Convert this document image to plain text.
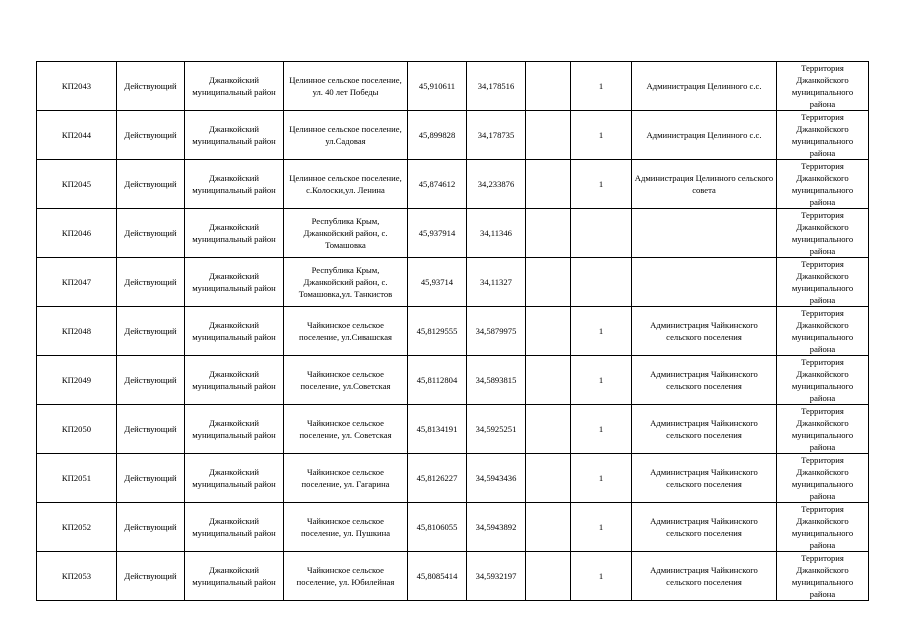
КП2043	Действующий	Джанкойский муниципальный район	Целинное сельское поселение, ул. 40 лет Победы	45,910611	34,178516		1	Администрация Целинного с.с.	Территория Джанкойского муниципального района
КП2044	Действующий	Джанкойский муниципальный район	Целинное сельское поселение, ул.Садовая	45,899828	34,178735		1	Администрация Целинного с.с.	Территория Джанкойского муниципального района
КП2045	Действующий	Джанкойский муниципальный район	Целинное сельское поселение, с.Колоски,ул. Ленина	45,874612	34,233876		1	Администрация Целинного сельского совета	Территория Джанкойского муниципального района
КП2046	Действующий	Джанкойский муниципальный район	Республика Крым, Джанкойский район, с. Томашовка	45,937914	34,11346				Территория Джанкойского муниципального района
КП2047	Действующий	Джанкойский муниципальный район	Республика Крым, Джанкойский район, с. Томашовка,ул. Танкистов	45,93714	34,11327				Территория Джанкойского муниципального района
КП2048	Действующий	Джанкойский муниципальный район	Чайкинское сельское поселение, ул.Сивашская	45,8129555	34,5879975		1	Администрация Чайкинского сельского поселения	Территория Джанкойского муниципального района
КП2049	Действующий	Джанкойский муниципальный район	Чайкинское сельское поселение, ул.Советская	45,8112804	34,5893815		1	Администрация Чайкинского сельского поселения	Территория Джанкойского муниципального района
КП2050	Действующий	Джанкойский муниципальный район	Чайкинское сельское поселение, ул. Советская	45,8134191	34,5925251		1	Администрация Чайкинского сельского поселения	Территория Джанкойского муниципального района
КП2051	Действующий	Джанкойский муниципальный район	Чайкинское сельское поселение, ул. Гагарина	45,8126227	34,5943436		1	Администрация Чайкинского сельского поселения	Территория Джанкойского муниципального района
КП2052	Действующий	Джанкойский муниципальный район	Чайкинское сельское поселение, ул. Пушкина	45,8106055	34,5943892		1	Администрация Чайкинского сельского поселения	Территория Джанкойского муниципального района
КП2053	Действующий	Джанкойский муниципальный район	Чайкинское сельское поселение, ул. Юбилейная	45,8085414	34,5932197		1	Администрация Чайкинского сельского поселения	Территория Джанкойского муниципального района
